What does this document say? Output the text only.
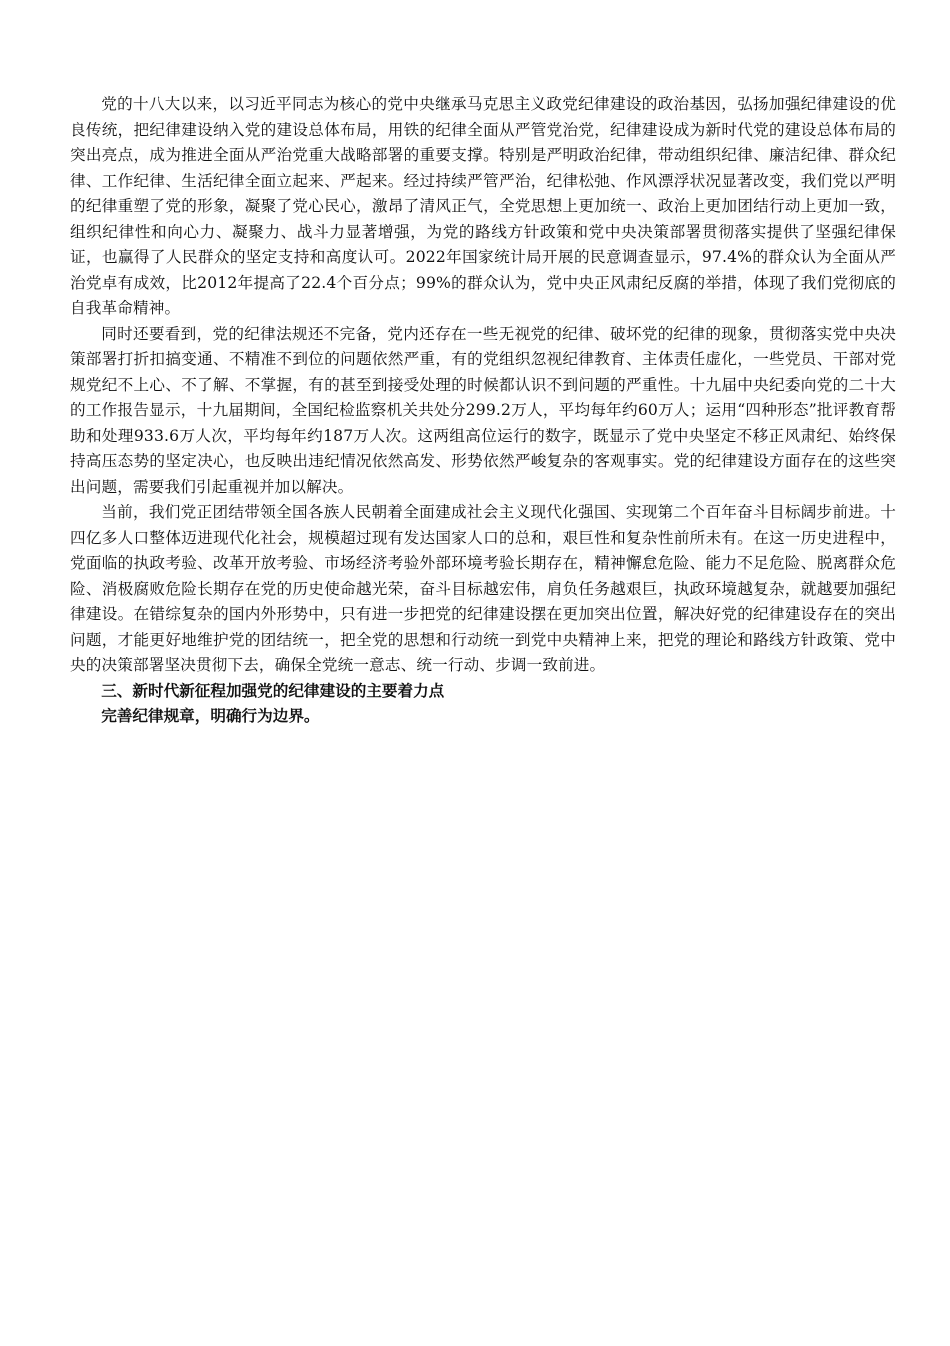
党的十八大以来，以习近平同志为核心的党中央继承马克思主义政党纪律建设的政治基因，弘扬加强纪律建设的优良传统，把纪律建设纳入党的建设总体布局，用铁的纪律全面从严管党治党，纪律建设成为新时代党的建设总体布局的突出亮点，成为推进全面从严治党重大战略部署的重要支撑。特别是严明政治纪律，带动组织纪律、廉洁纪律、群众纪律、工作纪律、生活纪律全面立起来、严起来。经过持续严管严治，纪律松弛、作风漂浮状况显著改变，我们党以严明的纪律重塑了党的形象，凝聚了党心民心，激昂了清风正气，全党思想上更加统一、政治上更加团结行动上更加一致，组织纪律性和向心力、凝聚力、战斗力显著增强，为党的路线方针政策和党中央决策部署贯彻落实提供了坚强纪律保证，也赢得了人民群众的坚定支持和高度认可。2022年国家统计局开展的民意调查显示，97.4%的群众认为全面从严治党卓有成效，比2012年提高了22.4个百分点；99%的群众认为，党中央正风肃纪反腐的举措，体现了我们党彻底的自我革命精神。

同时还要看到，党的纪律法规还不完备，党内还存在一些无视党的纪律、破坏党的纪律的现象，贯彻落实党中央决策部署打折扣搞变通、不精准不到位的问题依然严重，有的党组织忽视纪律教育、主体责任虚化，一些党员、干部对党规党纪不上心、不了解、不掌握，有的甚至到接受处理的时候都认识不到问题的严重性。十九届中央纪委向党的二十大的工作报告显示，十九届期间，全国纪检监察机关共处分299.2万人，平均每年约60万人；运用“四种形态”批评教育帮助和处理933.6万人次，平均每年约187万人次。这两组高位运行的数字，既显示了党中央坚定不移正风肃纪、始终保持高压态势的坚定决心，也反映出违纪情况依然高发、形势依然严峻复杂的客观事实。党的纪律建设方面存在的这些突出问题，需要我们引起重视并加以解决。

当前，我们党正团结带领全国各族人民朝着全面建成社会主义现代化强国、实现第二个百年奋斗目标阔步前进。十四亿多人口整体迈进现代化社会，规模超过现有发达国家人口的总和，艰巨性和复杂性前所未有。在这一历史进程中，党面临的执政考验、改革开放考验、市场经济考验外部环境考验长期存在，精神懈怠危险、能力不足危险、脱离群众危险、消极腐败危险长期存在党的历史使命越光荣，奋斗目标越宏伟，肩负任务越艰巨，执政环境越复杂，就越要加强纪律建设。在错综复杂的国内外形势中，只有进一步把党的纪律建设摆在更加突出位置，解决好党的纪律建设存在的突出问题，才能更好地维护党的团结统一，把全党的思想和行动统一到党中央精神上来，把党的理论和路线方针政策、党中央的决策部署坚决贯彻下去，确保全党统一意志、统一行动、步调一致前进。

三、新时代新征程加强党的纪律建设的主要着力点

完善纪律规章，明确行为边界。
